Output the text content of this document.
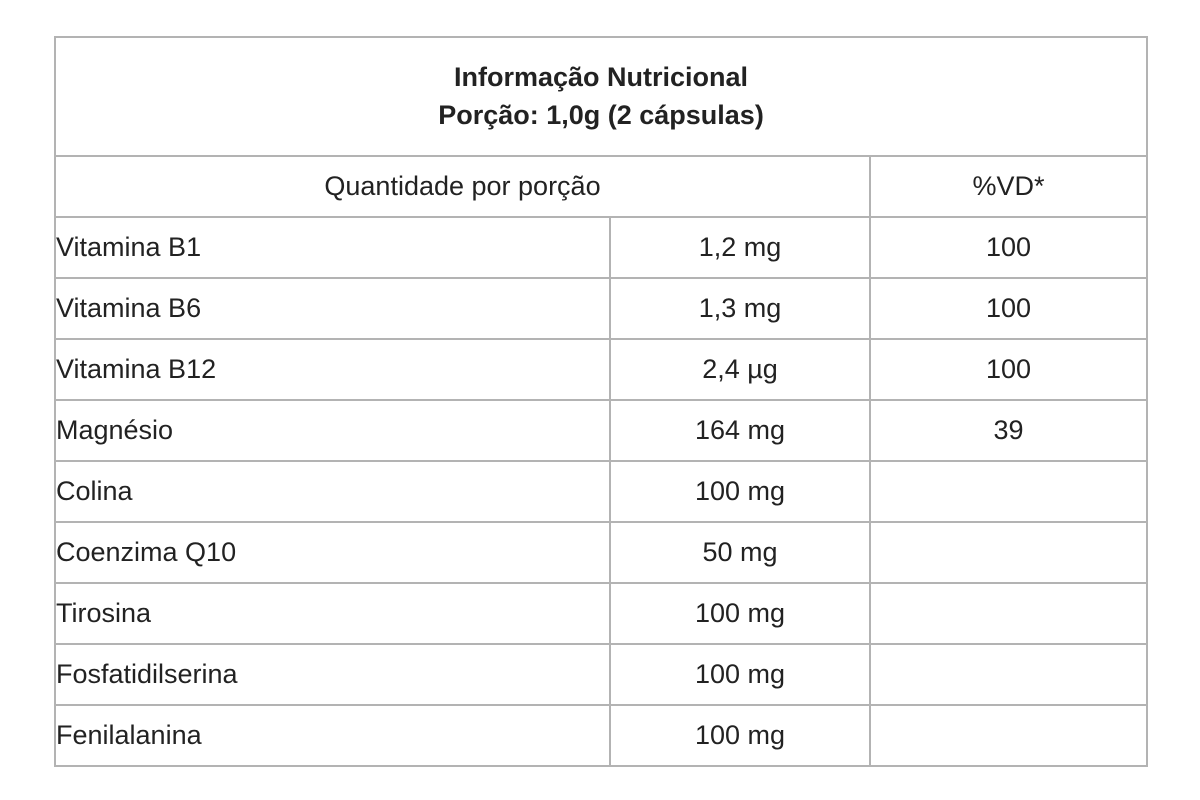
Informação Nutricional
Porção: 1,0g (2 cápsulas)		

Quantidade por porção		%VD*
Vitamina B1	1,2 mg	100
Vitamina B6	1,3 mg	100
Vitamina B12	2,4 µg	100
Magnésio	164 mg	39
Colina	100 mg	
Coenzima Q10	50 mg	
Tirosina	100 mg	
Fosfatidilserina	100 mg	
Fenilalanina	100 mg	
